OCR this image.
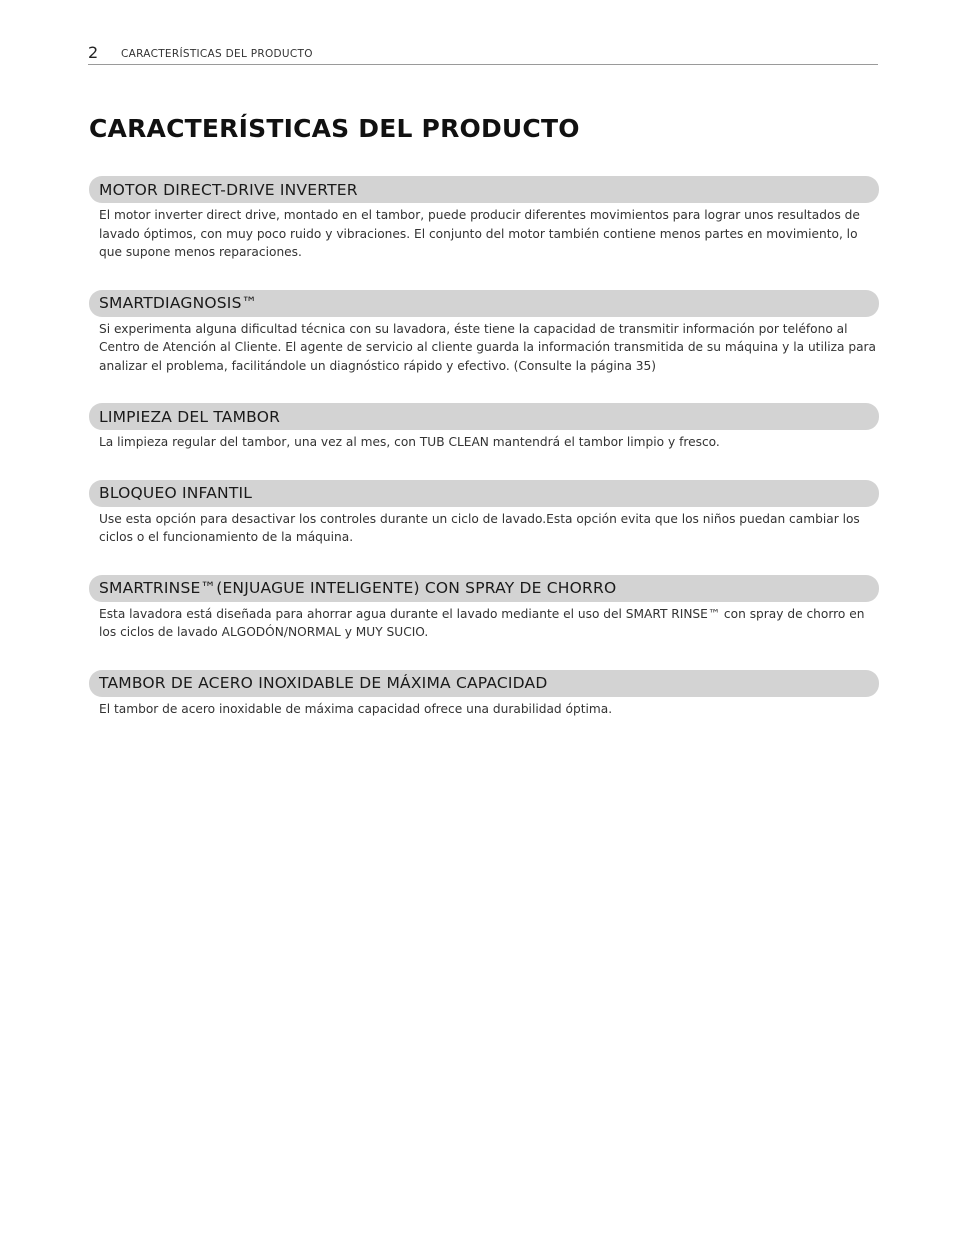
2 CARACTERÍSTICAS DEL PRODUCTO
CARACTERÍSTICAS DEL PRODUCTO
MOTOR DIRECT-DRIVE INVERTER
El motor inverter direct drive, montado en el tambor, puede producir diferentes movimientos para lograr unos resultados de lavado óptimos, con muy poco ruido y vibraciones. El conjunto del motor también contiene menos partes en movimiento, lo que supone menos reparaciones.
SMARTDIAGNOSIS™
Si experimenta alguna dificultad técnica con su lavadora, éste tiene la capacidad de transmitir información por teléfono al Centro de Atención al Cliente. El agente de servicio al cliente guarda la información transmitida de su máquina y la utiliza para analizar el problema, facilitándole un diagnóstico rápido y efectivo. (Consulte la página 35)
LIMPIEZA DEL TAMBOR
La limpieza regular del tambor, una vez al mes, con TUB CLEAN mantendrá el tambor limpio y fresco.
BLOQUEO INFANTIL
Use esta opción para desactivar los controles durante un ciclo de lavado.Esta opción evita que los niños puedan cambiar los ciclos o el funcionamiento de la máquina.
SMARTRINSE™(ENJUAGUE INTELIGENTE) CON SPRAY DE CHORRO
Esta lavadora está diseñada para ahorrar agua durante el lavado mediante el uso del SMART RINSE™ con spray de chorro en los ciclos de lavado ALGODÓN/NORMAL y MUY SUCIO.
TAMBOR DE ACERO INOXIDABLE DE MÁXIMA CAPACIDAD
El tambor de acero inoxidable de máxima capacidad ofrece una durabilidad óptima.
